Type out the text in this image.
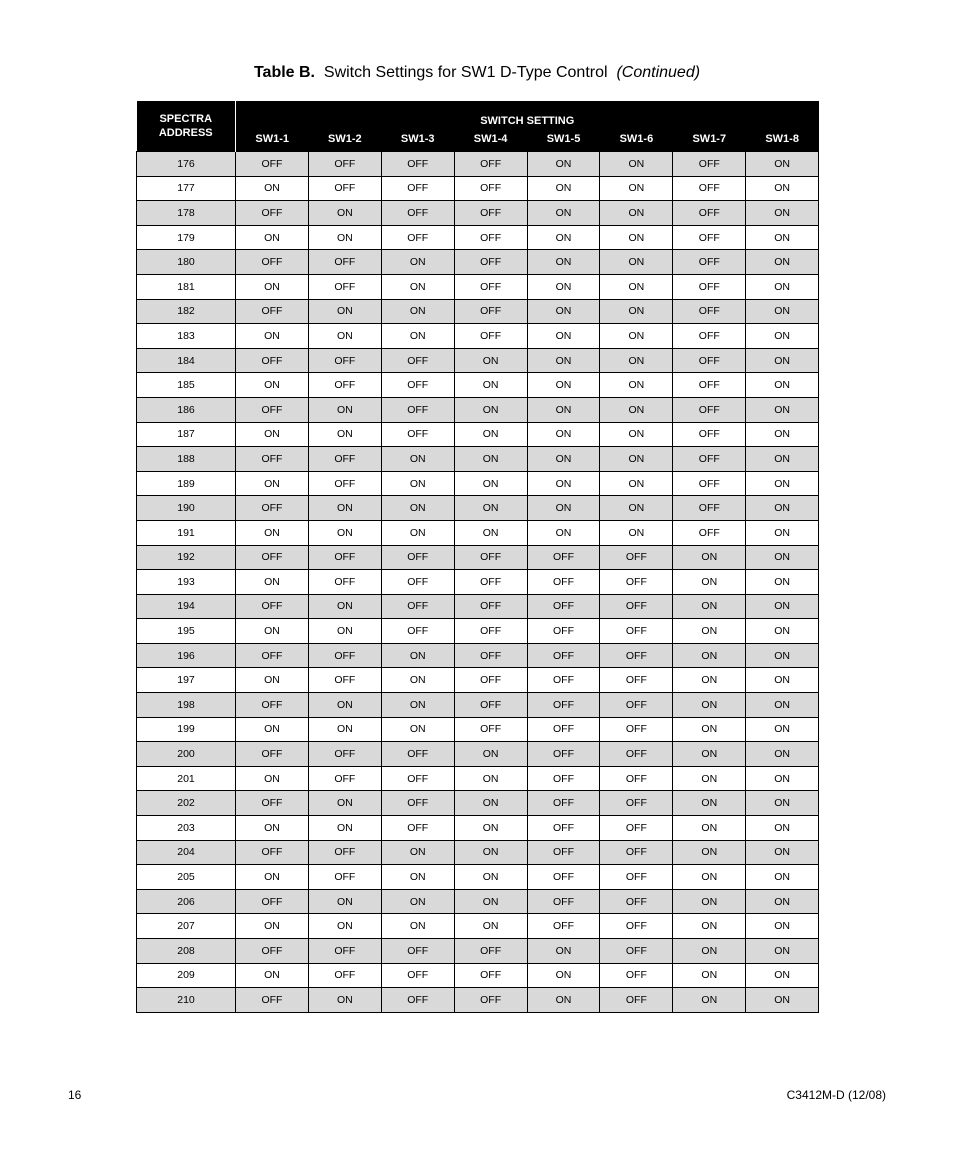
Table B. Switch Settings for SW1 D-Type Control (Continued)
SPECTRA
ADDRESS	SWITCH SETTING							
	SW1-1	SW1-2	SW1-3	SW1-4	SW1-5	SW1-6	SW1-7	SW1-8
176	OFF	OFF	OFF	OFF	ON	ON	OFF	ON
177	ON	OFF	OFF	OFF	ON	ON	OFF	ON
178	OFF	ON	OFF	OFF	ON	ON	OFF	ON
179	ON	ON	OFF	OFF	ON	ON	OFF	ON
180	OFF	OFF	ON	OFF	ON	ON	OFF	ON
181	ON	OFF	ON	OFF	ON	ON	OFF	ON
182	OFF	ON	ON	OFF	ON	ON	OFF	ON
183	ON	ON	ON	OFF	ON	ON	OFF	ON
184	OFF	OFF	OFF	ON	ON	ON	OFF	ON
185	ON	OFF	OFF	ON	ON	ON	OFF	ON
186	OFF	ON	OFF	ON	ON	ON	OFF	ON
187	ON	ON	OFF	ON	ON	ON	OFF	ON
188	OFF	OFF	ON	ON	ON	ON	OFF	ON
189	ON	OFF	ON	ON	ON	ON	OFF	ON
190	OFF	ON	ON	ON	ON	ON	OFF	ON
191	ON	ON	ON	ON	ON	ON	OFF	ON
192	OFF	OFF	OFF	OFF	OFF	OFF	ON	ON
193	ON	OFF	OFF	OFF	OFF	OFF	ON	ON
194	OFF	ON	OFF	OFF	OFF	OFF	ON	ON
195	ON	ON	OFF	OFF	OFF	OFF	ON	ON
196	OFF	OFF	ON	OFF	OFF	OFF	ON	ON
197	ON	OFF	ON	OFF	OFF	OFF	ON	ON
198	OFF	ON	ON	OFF	OFF	OFF	ON	ON
199	ON	ON	ON	OFF	OFF	OFF	ON	ON
200	OFF	OFF	OFF	ON	OFF	OFF	ON	ON
201	ON	OFF	OFF	ON	OFF	OFF	ON	ON
202	OFF	ON	OFF	ON	OFF	OFF	ON	ON
203	ON	ON	OFF	ON	OFF	OFF	ON	ON
204	OFF	OFF	ON	ON	OFF	OFF	ON	ON
205	ON	OFF	ON	ON	OFF	OFF	ON	ON
206	OFF	ON	ON	ON	OFF	OFF	ON	ON
207	ON	ON	ON	ON	OFF	OFF	ON	ON
208	OFF	OFF	OFF	OFF	ON	OFF	ON	ON
209	ON	OFF	OFF	OFF	ON	OFF	ON	ON
210	OFF	ON	OFF	OFF	ON	OFF	ON	ON
16	C3412M-D (12/08)
